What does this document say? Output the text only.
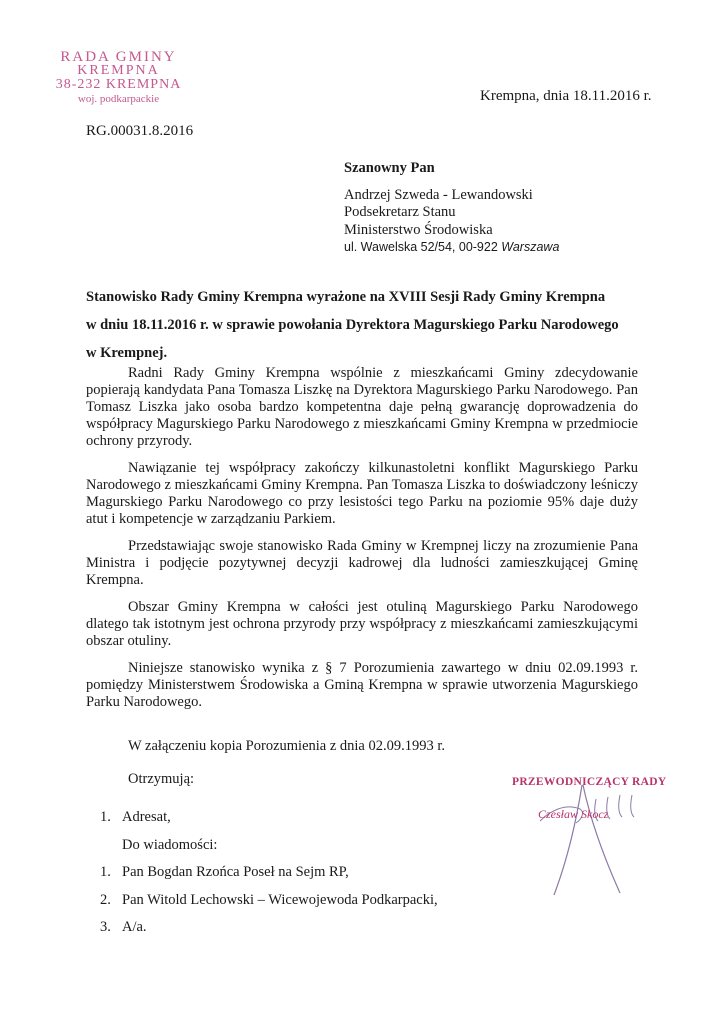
RADA GMINY
KREMPNA
38-232 KREMPNA
woj. podkarpackie	Krempna, dnia 18.11.2016 r.
RG.00031.8.2016
Szanowny Pan
Andrzej Szweda - Lewandowski
Podsekretarz Stanu
Ministerstwo Środowiska
ul. Wawelska 52/54, 00-922 Warszawa
Stanowisko Rady Gminy Krempna wyrażone na XVIII Sesji Rady Gminy Krempna
w dniu 18.11.2016 r. w sprawie powołania Dyrektora Magurskiego Parku Narodowego
w Krempnej.

Radni Rady Gminy Krempna wspólnie z mieszkańcami Gminy zdecydowanie popierają kandydata Pana Tomasza Liszkę na Dyrektora Magurskiego Parku Narodowego. Pan Tomasz Liszka jako osoba bardzo kompetentna daje pełną gwarancję doprowadzenia do współpracy Magurskiego Parku Narodowego z mieszkańcami Gminy Krempna w przedmiocie ochrony przyrody.

Nawiązanie tej współpracy zakończy kilkunastoletni konflikt Magurskiego Parku Narodowego z mieszkańcami Gminy Krempna. Pan Tomasza Liszka to doświadczony leśniczy Magurskiego Parku Narodowego co przy lesistości tego Parku na poziomie 95% daje duży atut i kompetencje w zarządzaniu Parkiem.

Przedstawiając swoje stanowisko Rada Gminy w Krempnej liczy na zrozumienie Pana Ministra i podjęcie pozytywnej decyzji kadrowej dla ludności zamieszkującej Gminę Krempna.

Obszar Gminy Krempna w całości jest otuliną Magurskiego Parku Narodowego dlatego tak istotnym jest ochrona przyrody przy współpracy z mieszkańcami zamieszkującymi obszar otuliny.

Niniejsze stanowisko wynika z § 7 Porozumienia zawartego w dniu 02.09.1993 r. pomiędzy Ministerstwem Środowiska a Gminą Krempna w sprawie utworzenia Magurskiego Parku Narodowego.

W załączeniu kopia Porozumienia z dnia 02.09.1993 r.
Otrzymują:
1. Adresat,
Do wiadomości:
1. Pan Bogdan Rzońca Poseł na Sejm RP,
2. Pan Witold Lechowski – Wicewojewoda Podkarpacki,
3. A/a.
PRZEWODNICZĄCY RADY
Czesław Skocz
